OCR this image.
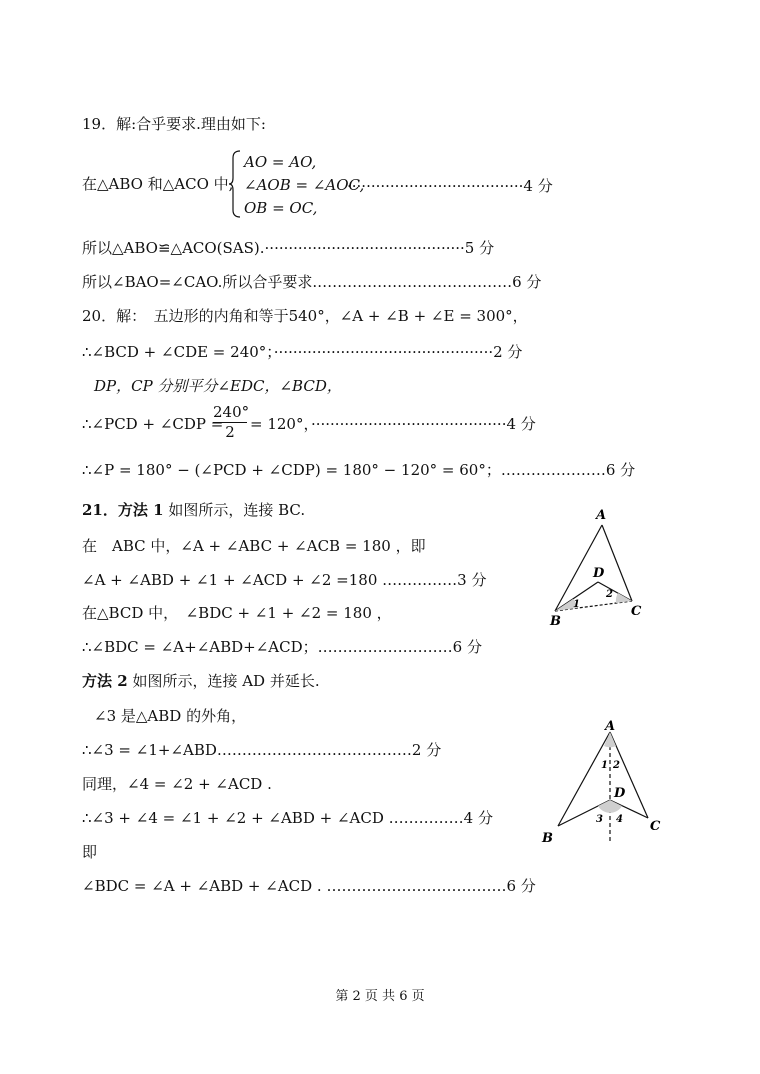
19．解:合乎要求.理由如下:
在△ABO 和△ACO 中,
AO = AO,
∠AOB = ∠AOC,
OB = OC,
·····································4 分
所以△ABO≌△ACO(SAS).··········································5 分
所以∠BAO=∠CAO.所以合乎要求.…………………………………6 分
20．解：　五边形的内角和等于540°，∠A + ∠B + ∠E = 300°，
∴∠BCD + ∠CDE = 240°；··············································2 分
DP，CP 分别平分∠EDC，∠BCD，
∴∠PCD + ∠CDP =
$\frac{240^\circ}{2} = 120^\circ$，·········································4 分
∴∠P = 180° − (∠PCD + ∠CDP) = 180° − 120° = 60°；…………………6 分
21．方法 1 如图所示，连接 BC.
在　ABC 中，∠A + ∠ABC + ∠ACB = 180 ，即
∠A + ∠ABD + ∠1 + ∠ACD + ∠2 =180 ……………3 分
在△BCD 中，　∠BDC + ∠1 + ∠2 = 180 ，
∴∠BDC = ∠A+∠ABD+∠ACD；………………………6 分
方法 2 如图所示，连接 AD 并延长.
∠3 是△ABD 的外角，
∴∠3 = ∠1+∠ABD…………………………………2 分
同理，∠4 = ∠2 + ∠ACD .
∴∠3 + ∠4 = ∠1 + ∠2 + ∠ABD + ∠ACD ……………4 分
即
∠BDC = ∠A + ∠ABD + ∠ACD . ………………………………6 分
A
D
B
C
1
2
A
D
B
C
1 2
3 4
第 2 页 共 6 页
